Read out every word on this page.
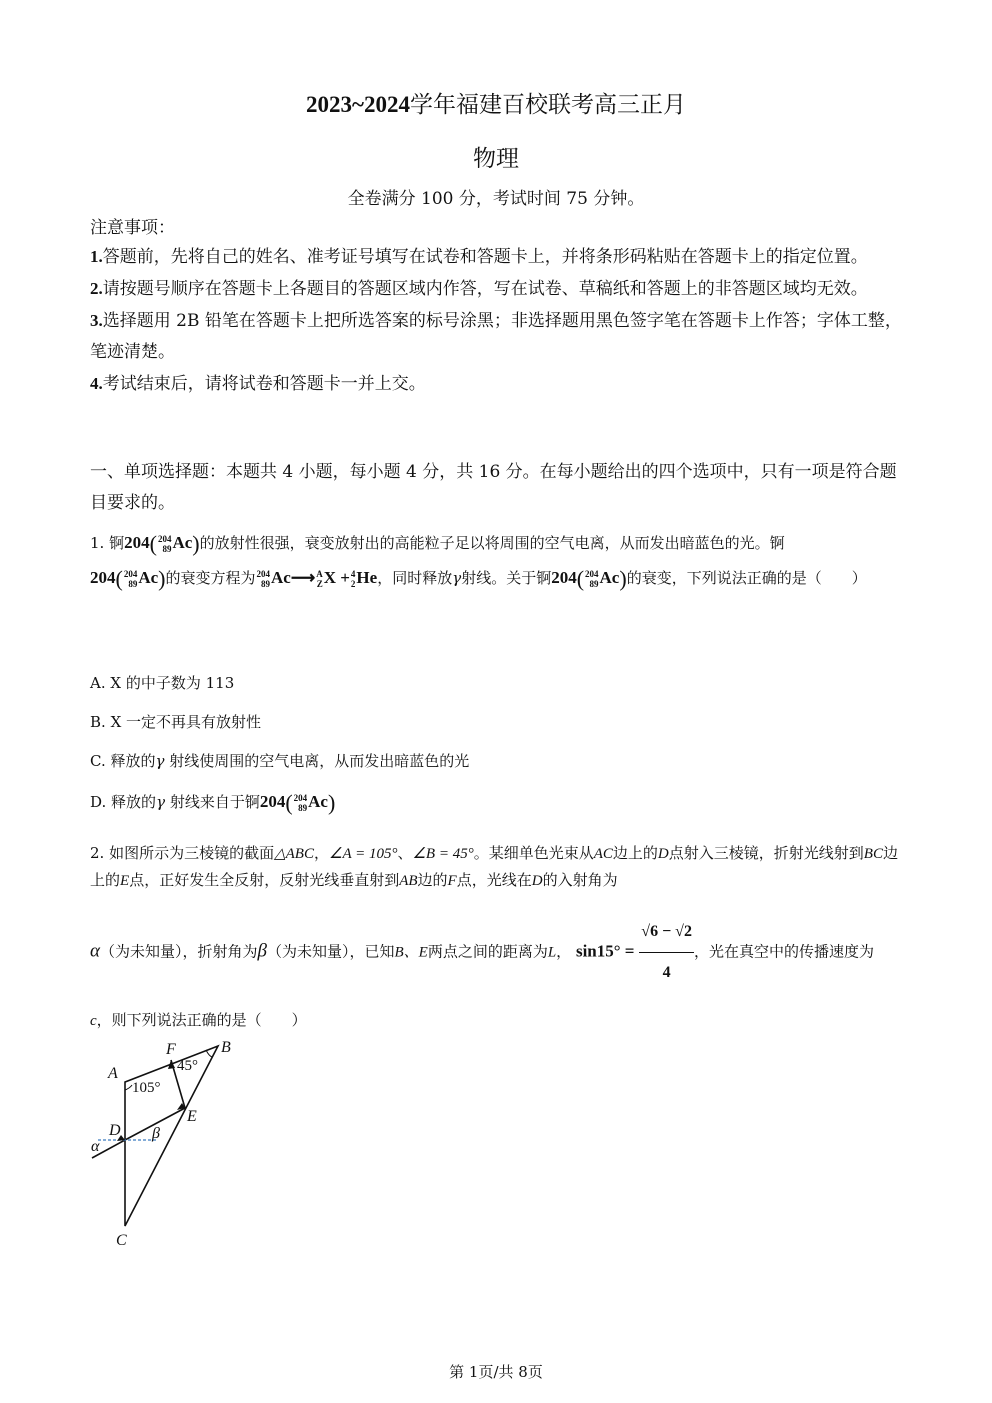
2023~2024学年福建百校联考高三正月
物理
全卷满分 100 分，考试时间 75 分钟。
注意事项：

1.答题前，先将自己的姓名、准考证号填写在试卷和答题卡上，并将条形码粘贴在答题卡上的指定位置。

2.请按题号顺序在答题卡上各题目的答题区域内作答，写在试卷、草稿纸和答题上的非答题区域均无效。

3.选择题用 2B 铅笔在答题卡上把所选答案的标号涂黑；非选择题用黑色签字笔在答题卡上作答；字体工整，笔迹清楚。

4.考试结束后，请将试卷和答题卡一并上交。

一、单项选择题：本题共 4 小题，每小题 4 分，共 16 分。在每小题给出的四个选项中，只有一项是符合题目要求的。

1. 锕204(204
89Ac)的放射性很强，衰变放射出的高能粒子足以将周围的空气电离，从而发出暗蓝色的光。锕

204(204
89Ac)的衰变方程为204
89Ac⟶A
ZX +4
2He，同时释放γ射线。关于锕204(204
89Ac)的衰变，下列说法正确的是（　　）

A. X 的中子数为 113
B. X 一定不再具有放射性
C. 释放的γ 射线使周围的空气电离，从而发出暗蓝色的光
D. 释放的γ 射线来自于锕204(204
89Ac)

2. 如图所示为三棱镜的截面△ABC，∠A = 105°、∠B = 45°。某细单色光束从AC边上的D点射入三棱镜，折射光线射到BC边上的E点，正好发生全反射，反射光线垂直射到AB边的F点，光线在D的入射角为

α（为未知量），折射角为β（为未知量），已知B、E两点之间的距离为L， $\sin 15^\circ = \frac{√6 - √2}{4}$ ，光在真空中的传播速度为

c，则下列说法正确的是（　　）

A
B
C
D
E
F
α
β
105°
45°
第 1页/共 8页
